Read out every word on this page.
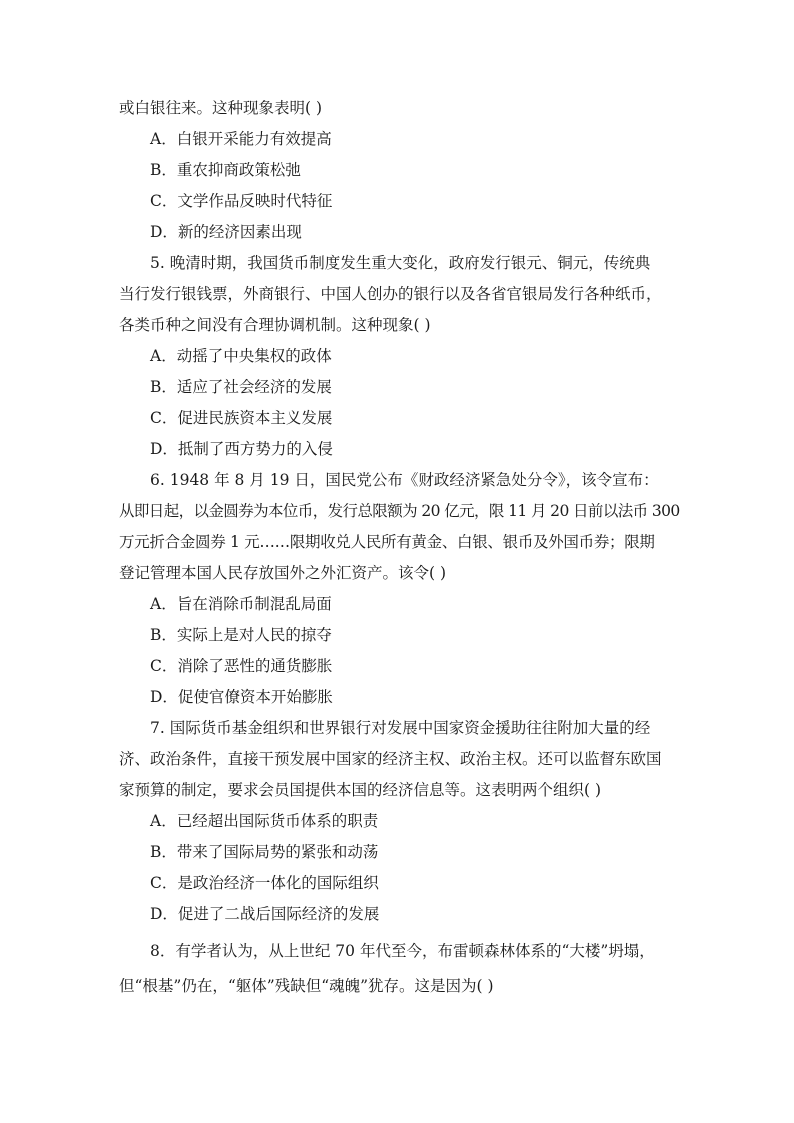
或白银往来。这种现象表明( )
A．白银开采能力有效提高
B．重农抑商政策松弛
C．文学作品反映时代特征
D．新的经济因素出现
5. 晚清时期，我国货币制度发生重大变化，政府发行银元、铜元，传统典
当行发行银钱票，外商银行、中国人创办的银行以及各省官银局发行各种纸币，
各类币种之间没有合理协调机制。这种现象( )
A．动摇了中央集权的政体
B．适应了社会经济的发展
C．促进民族资本主义发展
D．抵制了西方势力的入侵
6. 1948 年 8 月 19 日，国民党公布《财政经济紧急处分令》，该令宣布：
从即日起，以金圆券为本位币，发行总限额为 20 亿元，限 11 月 20 日前以法币 300
万元折合金圆券 1 元……限期收兑人民所有黄金、白银、银币及外国币券；限期
登记管理本国人民存放国外之外汇资产。该令( )
A．旨在消除币制混乱局面
B．实际上是对人民的掠夺
C．消除了恶性的通货膨胀
D．促使官僚资本开始膨胀
7. 国际货币基金组织和世界银行对发展中国家资金援助往往附加大量的经
济、政治条件，直接干预发展中国家的经济主权、政治主权。还可以监督东欧国
家预算的制定，要求会员国提供本国的经济信息等。这表明两个组织( )
A．已经超出国际货币体系的职责
B．带来了国际局势的紧张和动荡
C．是政治经济一体化的国际组织
D．促进了二战后国际经济的发展
8．有学者认为，从上世纪 70 年代至今，布雷顿森林体系的“大楼”坍塌，
但“根基”仍在，“躯体”残缺但“魂魄”犹存。这是因为( )
